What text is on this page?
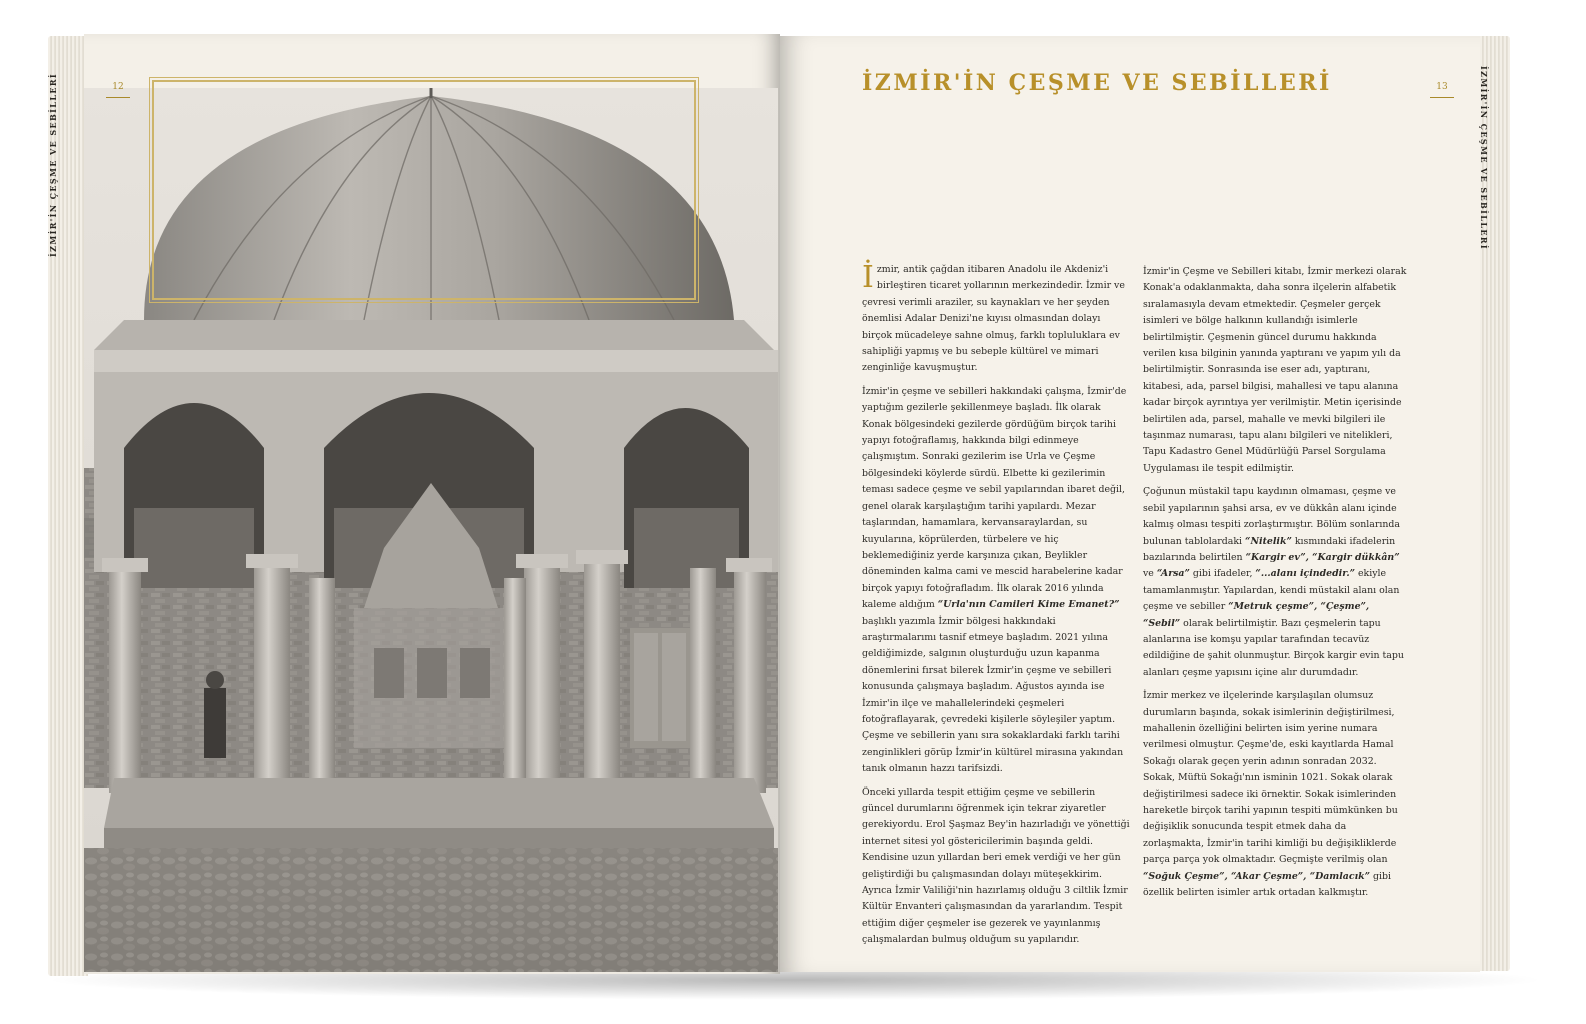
12
İZMİR'İN ÇEŞME VE SEBİLLERİ	13	İZMİR'İN ÇEŞME VE SEBİLLERİ
İZMİR'İN ÇEŞME VE SEBİLLERİ

İzmir, antik çağdan itibaren Anadolu ile Akdeniz'i birleştiren ticaret yollarının merkezindedir. İzmir ve çevresi verimli araziler, su kaynakları ve her şeyden önemlisi Adalar Denizi'ne kıyısı olmasından dolayı birçok mücadeleye sahne olmuş, farklı topluluklara ev sahipliği yapmış ve bu sebeple kültürel ve mimari zenginliğe kavuşmuştur.

İzmir'in çeşme ve sebilleri hakkındaki çalışma, İzmir'de yaptığım gezilerle şekillenmeye başladı. İlk olarak Konak bölgesindeki gezilerde gördüğüm birçok tarihi yapıyı fotoğraflamış, hakkında bilgi edinmeye çalışmıştım. Sonraki gezilerim ise Urla ve Çeşme bölgesindeki köylerde sürdü. Elbette ki gezilerimin teması sadece çeşme ve sebil yapılarından ibaret değil, genel olarak karşılaştığım tarihi yapılardı. Mezar taşlarından, hamamlara, kervansaraylardan, su kuyularına, köprülerden, türbelere ve hiç beklemediğiniz yerde karşınıza çıkan, Beylikler döneminden kalma cami ve mescid harabelerine kadar birçok yapıyı fotoğrafladım. İlk olarak 2016 yılında kaleme aldığım “Urla'nın Camileri Kime Emanet?” başlıklı yazımla İzmir bölgesi hakkındaki araştırmalarımı tasnif etmeye başladım. 2021 yılına geldiğimizde, salgının oluşturduğu uzun kapanma dönemlerini fırsat bilerek İzmir'in çeşme ve sebilleri konusunda çalışmaya başladım. Ağustos ayında ise İzmir'in ilçe ve mahallelerindeki çeşmeleri fotoğraflayarak, çevredeki kişilerle söyleşiler yaptım. Çeşme ve sebillerin yanı sıra sokaklardaki farklı tarihi zenginlikleri görüp İzmir'in kültürel mirasına yakından tanık olmanın hazzı tarifsizdi.

Önceki yıllarda tespit ettiğim çeşme ve sebillerin güncel durumlarını öğrenmek için tekrar ziyaretler gerekiyordu. Erol Şaşmaz Bey'in hazırladığı ve yönettiği internet sitesi yol göstericilerimin başında geldi. Kendisine uzun yıllardan beri emek verdiği ve her gün geliştirdiği bu çalışmasından dolayı müteşekkirim. Ayrıca İzmir Valiliği'nin hazırlamış olduğu 3 ciltlik İzmir Kültür Envanteri çalışmasından da yararlandım. Tespit ettiğim diğer çeşmeler ise gezerek ve yayınlanmış çalışmalardan bulmuş olduğum su yapılarıdır.

İzmir'in Çeşme ve Sebilleri kitabı, İzmir merkezi olarak Konak'a odaklanmakta, daha sonra ilçelerin alfabetik sıralamasıyla devam etmektedir. Çeşmeler gerçek isimleri ve bölge halkının kullandığı isimlerle belirtilmiştir. Çeşmenin güncel durumu hakkında verilen kısa bilginin yanında yaptıranı ve yapım yılı da belirtilmiştir. Sonrasında ise eser adı, yaptıranı, kitabesi, ada, parsel bilgisi, mahallesi ve tapu alanına kadar birçok ayrıntıya yer verilmiştir. Metin içerisinde belirtilen ada, parsel, mahalle ve mevki bilgileri ile taşınmaz numarası, tapu alanı bilgileri ve nitelikleri, Tapu Kadastro Genel Müdürlüğü Parsel Sorgulama Uygulaması ile tespit edilmiştir.

Çoğunun müstakil tapu kaydının olmaması, çeşme ve sebil yapılarının şahsi arsa, ev ve dükkân alanı içinde kalmış olması tespiti zorlaştırmıştır. Bölüm sonlarında bulunan tablolardaki “Nitelik” kısmındaki ifadelerin bazılarında belirtilen “Kargir ev”, “Kargir dükkân” ve “Arsa” gibi ifadeler, “...alanı içindedir.” ekiyle tamamlanmıştır. Yapılardan, kendi müstakil alanı olan çeşme ve sebiller “Metruk çeşme”, “Çeşme”, “Sebil” olarak belirtilmiştir. Bazı çeşmelerin tapu alanlarına ise komşu yapılar tarafından tecavüz edildiğine de şahit olunmuştur. Birçok kargir evin tapu alanları çeşme yapısını içine alır durumdadır.

İzmir merkez ve ilçelerinde karşılaşılan olumsuz durumların başında, sokak isimlerinin değiştirilmesi, mahallenin özelliğini belirten isim yerine numara verilmesi olmuştur. Çeşme'de, eski kayıtlarda Hamal Sokağı olarak geçen yerin adının sonradan 2032. Sokak, Müftü Sokağı'nın isminin 1021. Sokak olarak değiştirilmesi sadece iki örnektir. Sokak isimlerinden hareketle birçok tarihi yapının tespiti mümkünken bu değişiklik sonucunda tespit etmek daha da zorlaşmakta, İzmir'in tarihi kimliği bu değişikliklerde parça parça yok olmaktadır. Geçmişte verilmiş olan “Soğuk Çeşme”, “Akar Çeşme”, “Damlacık” gibi özellik belirten isimler artık ortadan kalkmıştır.
